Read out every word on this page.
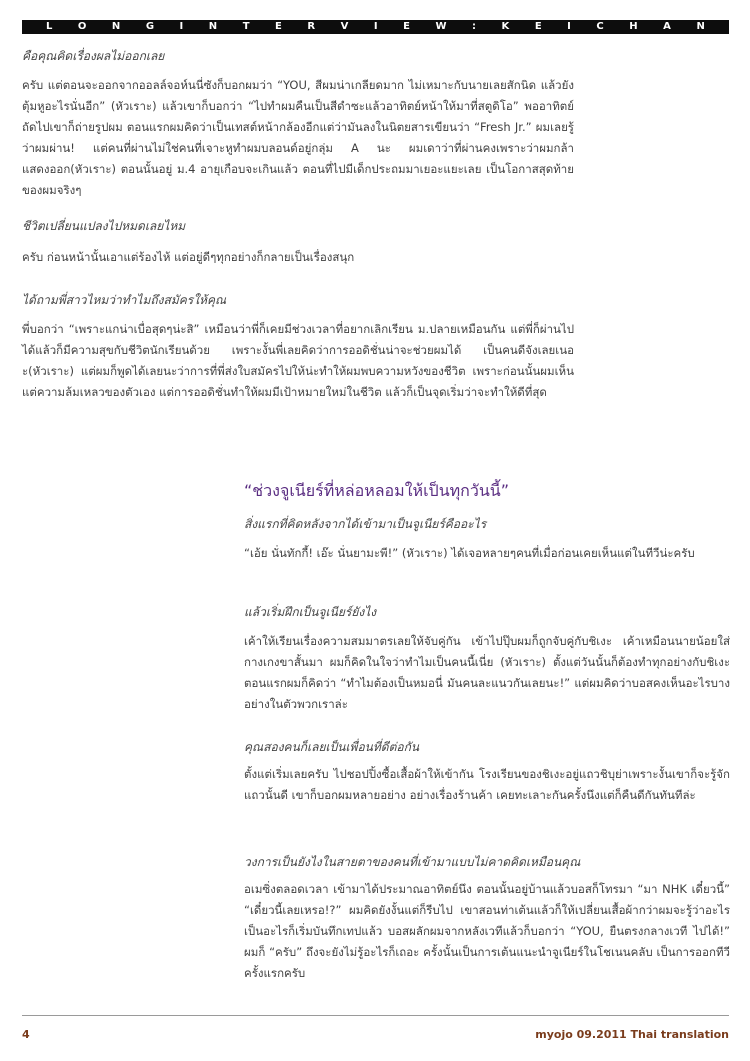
L	O	N	G	I	N	T	E	R	V	I	E	W	:	K	E	I	C	H	A	N

คือคุณคิดเรื่องผลไม่ออกเลย

ครับ แต่ตอนจะออกจากออลล์จอห์นนี่ซังก็บอกผมว่า “YOU, สีผมน่าเกลียดมาก ไม่เหมาะกับนายเลยสักนิด แล้วยังตุ้มหูอะไรนั่นอีก” (หัวเราะ) แล้วเขาก็บอกว่า “ไปทำผมคืนเป็นสีดำซะแล้วอาทิตย์หน้าให้มาที่สตูดิโอ” พออาทิตย์ถัดไปเขาก็ถ่ายรูปผม ตอนแรกผมคิดว่าเป็นเทสต์หน้ากล้องอีกแต่ว่ามันลงในนิตยสารเขียนว่า “Fresh Jr.” ผมเลยรู้ว่าผมผ่าน! แต่คนที่ผ่านไม่ใช่คนที่เจาะหูทำผมบลอนด์อยู่กลุ่ม A นะ ผมเดาว่าที่ผ่านคงเพราะว่าผมกล้าแสดงออก(หัวเราะ) ตอนนั้นอยู่ ม.4 อายุเกือบจะเกินแล้ว ตอนที่ไปมีเด็กประถมมาเยอะแยะเลย เป็นโอกาสสุดท้ายของผมจริงๆ

ชีวิตเปลี่ยนแปลงไปหมดเลยไหม

ครับ ก่อนหน้านั้นเอาแต่ร้องไห้ แต่อยู่ดีๆทุกอย่างก็กลายเป็นเรื่องสนุก

ได้ถามพี่สาวไหมว่าทำไมถึงสมัครให้คุณ

พี่บอกว่า “เพราะแกน่าเบื่อสุดๆน่ะสิ” เหมือนว่าพี่ก็เคยมีช่วงเวลาที่อยากเลิกเรียน ม.ปลายเหมือนกัน แต่พี่ก็ผ่านไปได้แล้วก็มีความสุขกับชีวิตนักเรียนด้วย เพราะงั้นพี่เลยคิดว่าการออดิชั่นน่าจะช่วยผมได้ เป็นคนดีจังเลยเนอะ(หัวเราะ) แต่ผมก็พูดได้เลยนะว่าการที่พี่ส่งใบสมัครไปให้น่ะทำให้ผมพบความหวังของชีวิต เพราะก่อนนั้นผมเห็นแต่ความล้มเหลวของตัวเอง แต่การออดิชั่นทำให้ผมมีเป้าหมายใหม่ในชีวิต แล้วก็เป็นจุดเริ่มว่าจะทำให้ดีที่สุด

“ช่วงจูเนียร์ที่หล่อหลอมให้เป็นทุกวันนี้”

สิ่งแรกที่คิดหลังจากได้เข้ามาเป็นจูเนียร์คืออะไร

“เอ้ย นั่นทักกี้! เอ๊ะ นั่นยามะพี!” (หัวเราะ) ได้เจอหลายๆคนที่เมื่อก่อนเคยเห็นแต่ในทีวีน่ะครับ

แล้วเริ่มฝึกเป็นจูเนียร์ยังไง

เค้าให้เรียนเรื่องความสมมาตรเลยให้จับคู่กัน เข้าไปปุ๊บผมก็ถูกจับคู่กับชิเงะ เค้าเหมือนนายน้อยใส่กางเกงขาสั้นมา ผมก็คิดในใจว่าทำไมเป็นคนนี้เนี่ย (หัวเราะ) ตั้งแต่วันนั้นก็ต้องทำทุกอย่างกับชิเงะ ตอนแรกผมก็คิดว่า “ทำไมต้องเป็นหมอนี่ มันคนละแนวกันเลยนะ!” แต่ผมคิดว่าบอสคงเห็นอะไรบางอย่างในตัวพวกเราล่ะ

คุณสองคนก็เลยเป็นเพื่อนที่ดีต่อกัน

ตั้งแต่เริ่มเลยครับ ไปชอปปิ้งซื้อเสื้อผ้าให้เข้ากัน โรงเรียนของชิเงะอยู่แถวชิบุย่าเพราะงั้นเขาก็จะรู้จักแถวนั้นดี เขาก็บอกผมหลายอย่าง อย่างเรื่องร้านค้า เคยทะเลาะกันครั้งนึงแต่ก็คืนดีกันทันทีล่ะ

วงการเป็นยังไงในสายตาของคนที่เข้ามาแบบไม่คาดคิดเหมือนคุณ

อเมซิ่งตลอดเวลา เข้ามาได้ประมาณอาทิตย์นึง ตอนนั้นอยู่บ้านแล้วบอสก็โทรมา “มา NHK เดี๋ยวนี้” “เดี๋ยวนี้เลยเหรอ!?” ผมคิดยังงั้นแต่ก็รีบไป เขาสอนท่าเต้นแล้วก็ให้เปลี่ยนเสื้อผ้ากว่าผมจะรู้ว่าอะไรเป็นอะไรก็เริ่มบันทึกเทปแล้ว บอสผลักผมจากหลังเวทีแล้วก็บอกว่า “YOU, ยืนตรงกลางเวที ไปได้!” ผมก็ “ครับ” ถึงจะยังไม่รู้อะไรก็เถอะ ครั้งนั้นเป็นการเต้นแนะนำจูเนียร์ในโชเนนคลับ เป็นการออกทีวีครั้งแรกครับ

4	myojo 09.2011 Thai translation
